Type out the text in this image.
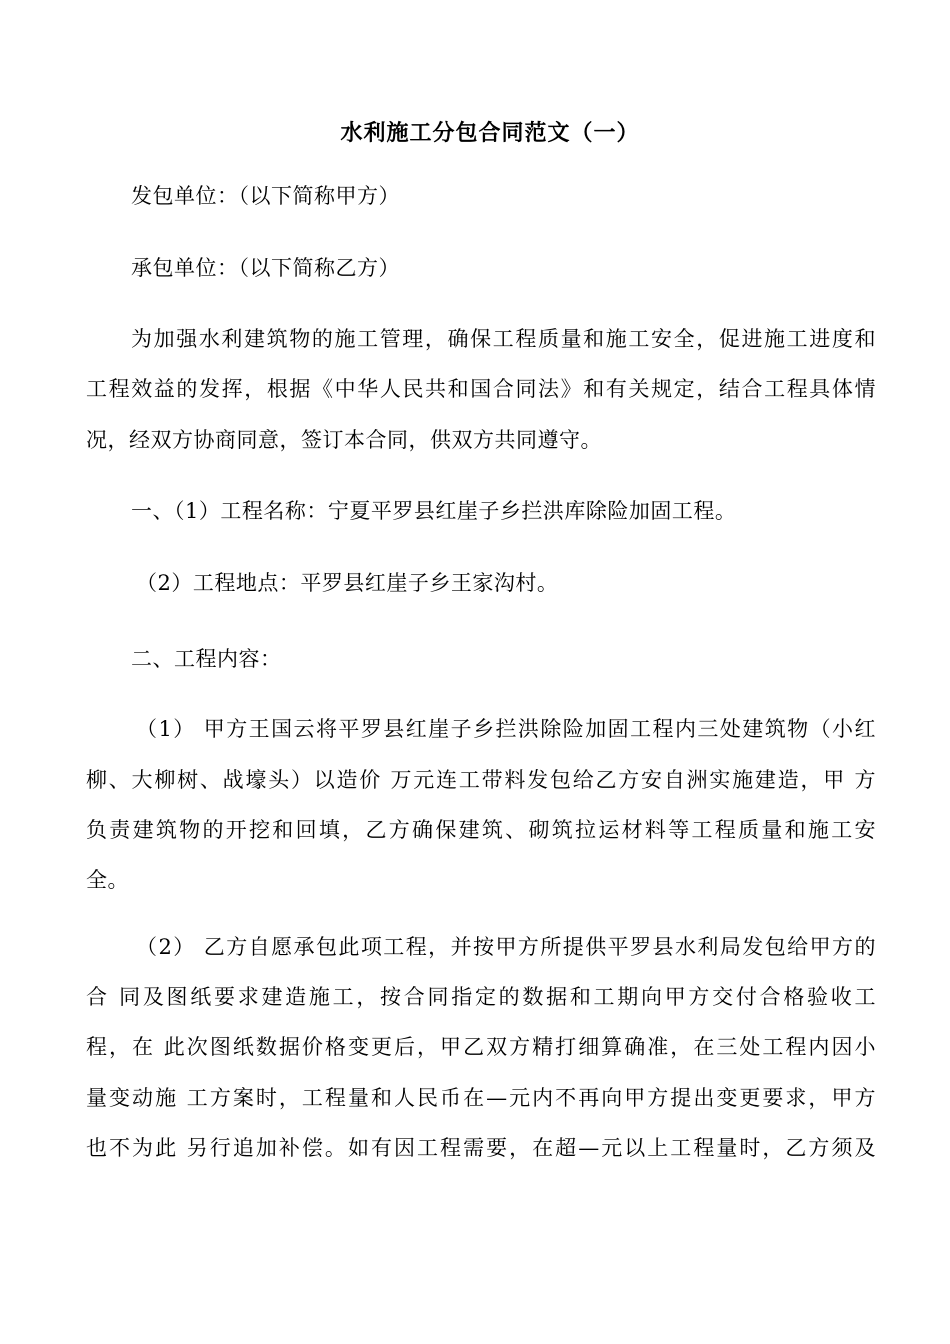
水利施工分包合同范文（一）
发包单位：（以下简称甲方）
承包单位：（以下简称乙方）
为加强水利建筑物的施工管理，确保工程质量和施工安全，促进施工进度和
工程效益的发挥，根据《中华人民共和国合同法》和有关规定，结合工程具体情
况，经双方协商同意，签订本合同，供双方共同遵守。
一、（1）工程名称：宁夏平罗县红崖子乡拦洪库除险加固工程。
（2）工程地点：平罗县红崖子乡王家沟村。
二、工程内容：
（1） 甲方王国云将平罗县红崖子乡拦洪除险加固工程内三处建筑物（小红
柳、大柳树、战壕头）以造价 万元连工带料发包给乙方安自洲实施建造，甲 方
负责建筑物的开挖和回填，乙方确保建筑、砌筑拉运材料等工程质量和施工安
全。
（2） 乙方自愿承包此项工程，并按甲方所提供平罗县水利局发包给甲方的
合 同及图纸要求建造施工，按合同指定的数据和工期向甲方交付合格验收工
程，在 此次图纸数据价格变更后，甲乙双方精打细算确准，在三处工程内因小
量变动施 工方案时，工程量和人民币在—元内不再向甲方提出变更要求，甲方
也不为此 另行追加补偿。如有因工程需要，在超—元以上工程量时，乙方须及
